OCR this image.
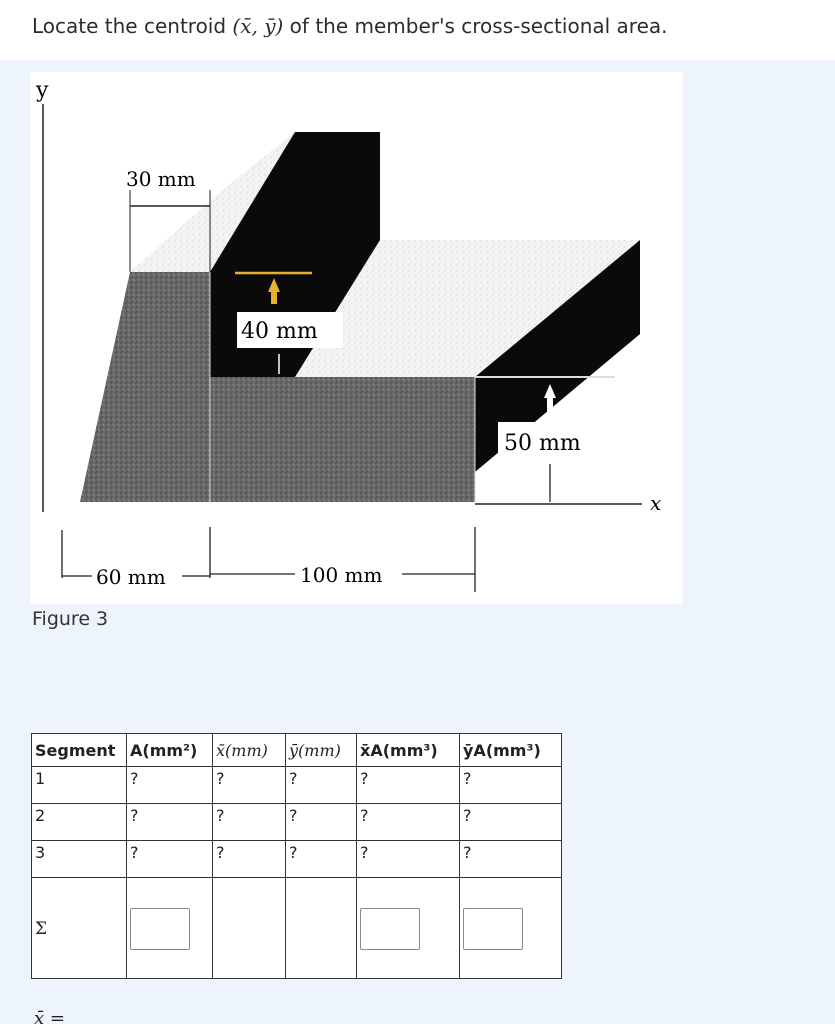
Locate the centroid (x̄, ȳ) of the member's cross-sectional area.
y
30 mm
40 mm
50 mm
x
60 mm	100 mm
Figure 3
Segment	A(mm²)	x̄(mm)	ȳ(mm)	x̄A(mm³)	ȳA(mm³)
1	?	?	?	?	?
2	?	?	?	?	?
3	?	?	?	?	?
Σ	

x̄ =
